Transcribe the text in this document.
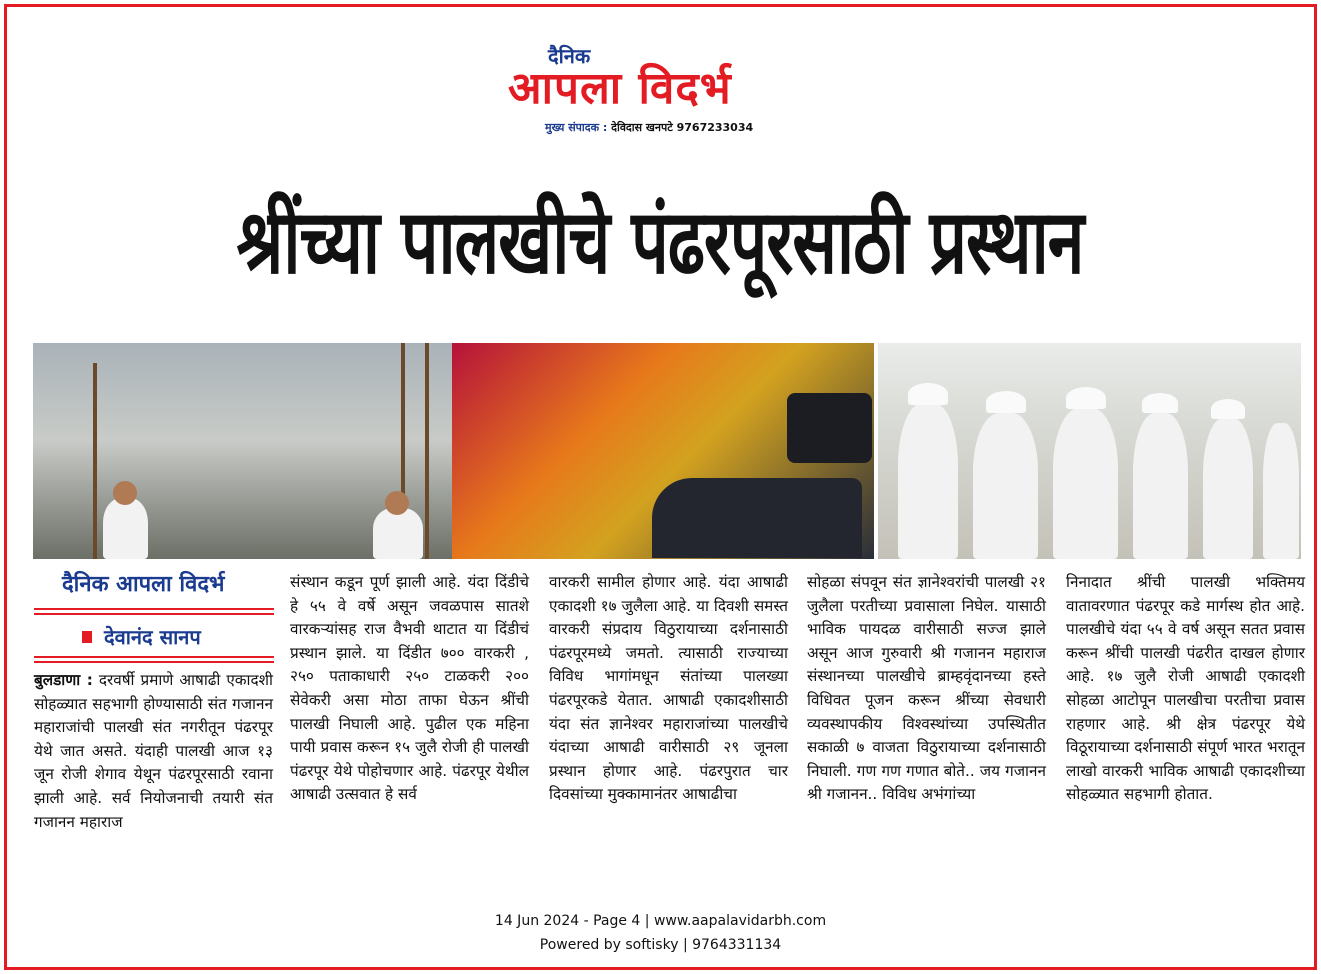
दैनिक
आपला विदर्भ
मुख्य संपादक : देविदास खनपटे 9767233034
श्रींच्या पालखीचे पंढरपूरसाठी प्रस्थान
दैनिक आपला विदर्भ
देवानंद सानप
बुलडाणा : दरवर्षी प्रमाणे आषाढी एकादशी सोहळ्यात सहभागी होण्यासाठी संत गजानन महाराजांची पालखी संत नगरीतून पंढरपूर येथे जात असते. यंदाही पालखी आज १३ जून रोजी शेगाव येथून पंढरपूरसाठी रवाना झाली आहे. सर्व नियोजनाची तयारी संत गजानन महाराज
संस्थान कडून पूर्ण झाली आहे. यंदा दिंडीचे हे ५५ वे वर्षे असून जवळपास सातशे वारकऱ्यांसह राज वैभवी थाटात या दिंडीचं प्रस्थान झाले. या दिंडीत ७०० वारकरी , २५० पताकाधारी २५० टाळकरी २०० सेवेकरी असा मोठा ताफा घेऊन श्रींची पालखी निघाली आहे. पुढील एक महिना पायी प्रवास करून १५ जुलै रोजी ही पालखी पंढरपूर येथे पोहोचणार आहे. पंढरपूर येथील आषाढी उत्सवात हे सर्व
वारकरी सामील होणार आहे. यंदा आषाढी एकादशी १७ जुलैला आहे. या दिवशी समस्त वारकरी संप्रदाय विठुरायाच्या दर्शनासाठी पंढरपूरमध्ये जमतो. त्यासाठी राज्याच्या विविध भागांमधून संतांच्या पालख्या पंढरपूरकडे येतात. आषाढी एकादशीसाठी यंदा संत ज्ञानेश्वर महाराजांच्या पालखीचे यंदाच्या आषाढी वारीसाठी २९ जूनला प्रस्थान होणार आहे. पंढरपुरात चार दिवसांच्या मुक्कामानंतर आषाढीचा
सोहळा संपवून संत ज्ञानेश्वरांची पालखी २१ जुलैला परतीच्या प्रवासाला निघेल. यासाठी भाविक पायदळ वारीसाठी सज्ज झाले असून आज गुरुवारी श्री गजानन महाराज संस्थानच्या पालखीचे ब्राम्हवृंदानच्या हस्ते विधिवत पूजन करून श्रींच्या सेवधारी व्यवस्थापकीय विश्वस्थांच्या उपस्थितीत सकाळी ७ वाजता विठुरायाच्या दर्शनासाठी निघाली. गण गण गणात बोते.. जय गजानन श्री गजानन.. विविध अभंगांच्या
निनादात श्रींची पालखी भक्तिमय वातावरणात पंढरपूर कडे मार्गस्थ होत आहे. पालखीचे यंदा ५५ वे वर्ष असून सतत प्रवास करून श्रींची पालखी पंढरीत दाखल होणार आहे. १७ जुलै रोजी आषाढी एकादशी सोहळा आटोपून पालखीचा परतीचा प्रवास राहणार आहे. श्री क्षेत्र पंढरपूर येथे विठूरायाच्या दर्शनासाठी संपूर्ण भारत भरातून लाखो वारकरी भाविक आषाढी एकादशीच्या सोहळ्यात सहभागी होतात.
14 Jun 2024 - Page 4 | www.aapalavidarbh.com
Powered by softisky | 9764331134
